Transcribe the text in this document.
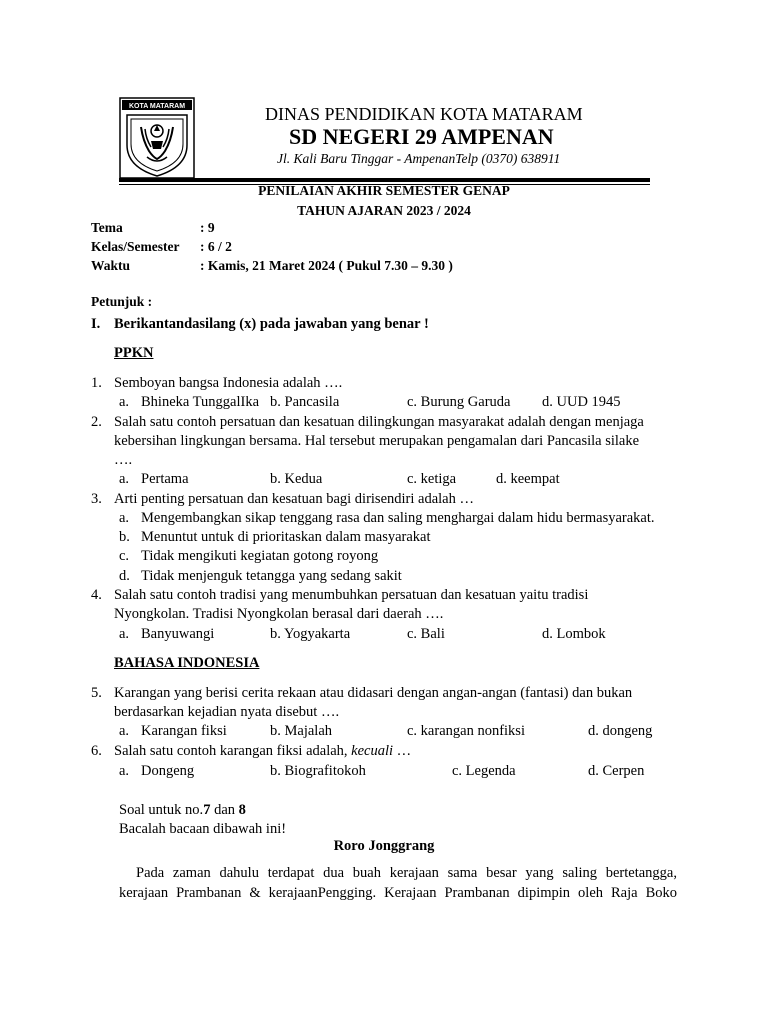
KOTA MATARAM	DINAS PENDIDIKAN KOTA MATARAM
SD NEGERI 29 AMPENAN
Jl. Kali Baru Tinggar - AmpenanTelp (0370) 638911
PENILAIAN AKHIR SEMESTER GENAP
TAHUN AJARAN 2023 / 2024
Tema	: 9
Kelas/Semester : 6 / 2
Waktu	: Kamis, 21 Maret 2024 ( Pukul 7.30 – 9.30 )
Petunjuk :
I. Berikantandasilang (x) pada jawaban yang benar !
PPKN
1. Semboyan bangsa Indonesia adalah ….
a. Bhineka TunggalIka b. Pancasila	c. Burung Garuda d. UUD 1945
2. Salah satu contoh persatuan dan kesatuan dilingkungan masyarakat adalah dengan menjaga
kebersihan lingkungan bersama. Hal tersebut merupakan pengamalan dari Pancasila silake
….
a. Pertama	b. Kedua	c. ketiga	d. keempat
3. Arti penting persatuan dan kesatuan bagi dirisendiri adalah …
a. Mengembangkan sikap tenggang rasa dan saling menghargai dalam hidu bermasyarakat.
b. Menuntut untuk di prioritaskan dalam masyarakat
c. Tidak mengikuti kegiatan gotong royong
d. Tidak menjenguk tetangga yang sedang sakit
4. Salah satu contoh tradisi yang menumbuhkan persatuan dan kesatuan yaitu tradisi
Nyongkolan. Tradisi Nyongkolan berasal dari daerah ….
a. Banyuwangi	b. Yogyakarta	c. Bali	d. Lombok
BAHASA INDONESIA
5. Karangan yang berisi cerita rekaan atau didasari dengan angan-angan (fantasi) dan bukan
berdasarkan kejadian nyata disebut ….
a. Karangan fiksi	b. Majalah	c. karangan nonfiksi	d. dongeng
6. Salah satu contoh karangan fiksi adalah, kecuali …
a. Dongeng	b. Biografitokoh	c. Legenda	d. Cerpen
Soal untuk no.7 dan 8
Bacalah bacaan dibawah ini!
Roro Jonggrang
Pada zaman dahulu terdapat dua buah kerajaan sama besar yang saling bertetangga,
kerajaan Prambanan & kerajaanPengging. Kerajaan Prambanan dipimpin oleh Raja Boko
